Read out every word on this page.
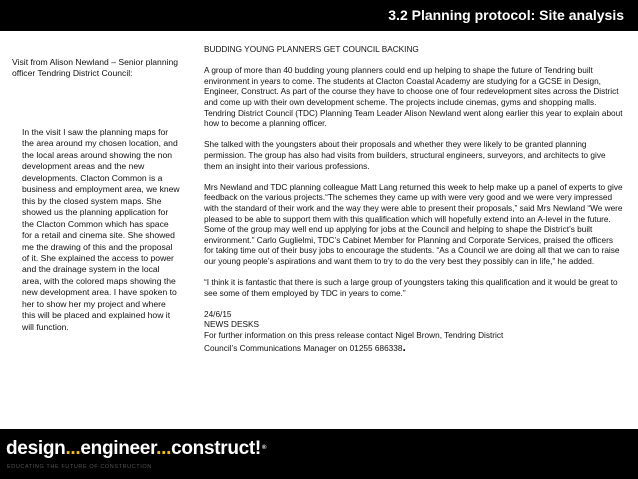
3.2 Planning protocol: Site analysis
Visit from Alison Newland – Senior planning officer Tendring District Council:
In the visit I saw the planning maps for the area around my chosen location, and the local areas around showing the non development areas and the new developments. Clacton Common is a business and employment area, we knew this by the closed system maps. She showed us the planning application for the Clacton Common which has space for a retail and cinema site. She showed me the drawing of this and the proposal of it. She explained the access to power and the drainage system in the local area, with the colored maps showing the new development area. I have spoken to her to show her my project and where this will be placed and explained how it will function.

BUDDING YOUNG PLANNERS GET COUNCIL BACKING

A group of more than 40 budding young planners could end up helping to shape the future of Tendring built environment in years to come. The students at Clacton Coastal Academy are studying for a GCSE in Design, Engineer, Construct. As part of the course they have to choose one of four redevelopment sites across the District and come up with their own development scheme. The projects include cinemas, gyms and shopping malls. Tendring District Council (TDC) Planning Team Leader Alison Newland went along earlier this year to explain about how to become a planning officer.

She talked with the youngsters about their proposals and whether they were likely to be granted planning permission. The group has also had visits from builders, structural engineers, surveyors, and architects to give them an insight into their various professions.

Mrs Newland and TDC planning colleague Matt Lang returned this week to help make up a panel of experts to give feedback on the various projects.“The schemes they came up with were very good and we were very impressed with the standard of their work and the way they were able to present their proposals,” said Mrs Newland “We were pleased to be able to support them with this qualification which will hopefully extend into an A-level in the future. Some of the group may well end up applying for jobs at the Council and helping to shape the District’s built environment.” Carlo Guglielmi, TDC’s Cabinet Member for Planning and Corporate Services, praised the officers for taking time out of their busy jobs to encourage the students. “As a Council we are doing all that we can to raise our young people’s aspirations and want them to try to do the very best they possibly can in life,” he added.

“I think it is fantastic that there is such a large group of youngsters taking this qualification and it would be great to see some of them employed by TDC in years to come.”

24/6/15

NEWS DESKS

For further information on this press release contact Nigel Brown, Tendring District

Council’s Communications Manager on 01255 686338.

design...engineer...construct!®
EDUCATING THE FUTURE OF CONSTRUCTION
